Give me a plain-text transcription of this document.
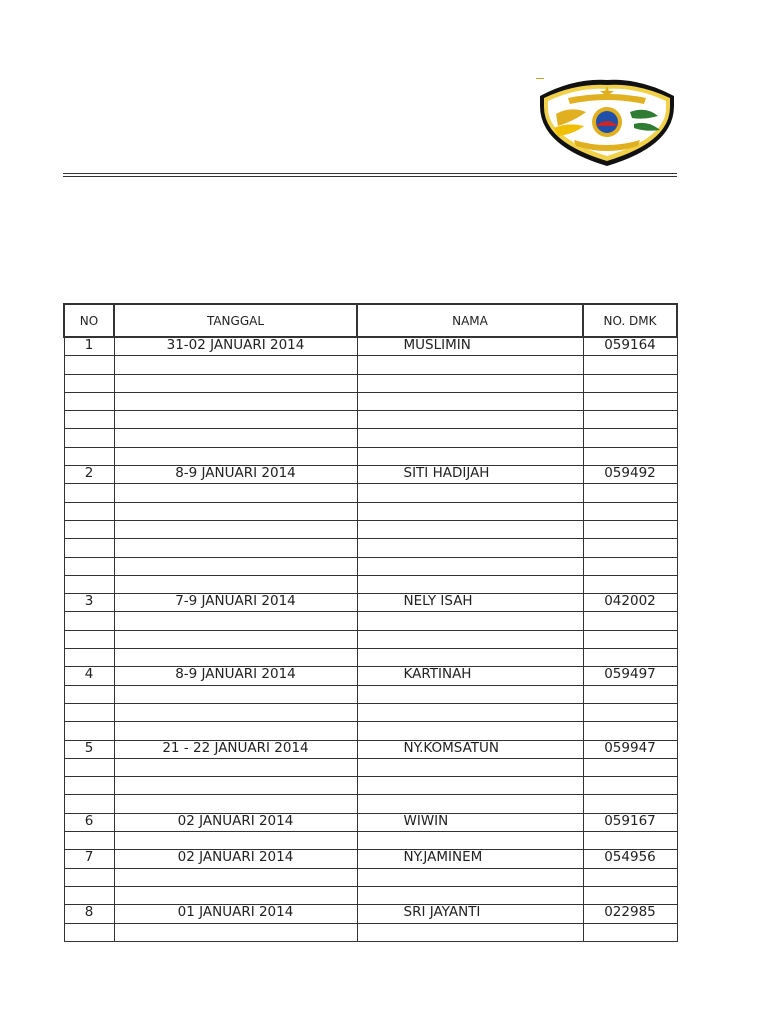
NO	TANGGAL	NAMA	NO. DMK
1	31-02 JANUARI 2014	MUSLIMIN	059164

2	8-9 JANUARI 2014	SITI HADIJAH	059492

3	7-9 JANUARI 2014	NELY ISAH	042002

4	8-9 JANUARI 2014	KARTINAH	059497

5	21 - 22 JANUARI 2014	NY.KOMSATUN	059947

6	02 JANUARI 2014	WIWIN	059167

7	02 JANUARI 2014	NY.JAMINEM	054956

8	01 JANUARI 2014	SRI JAYANTI	022985
